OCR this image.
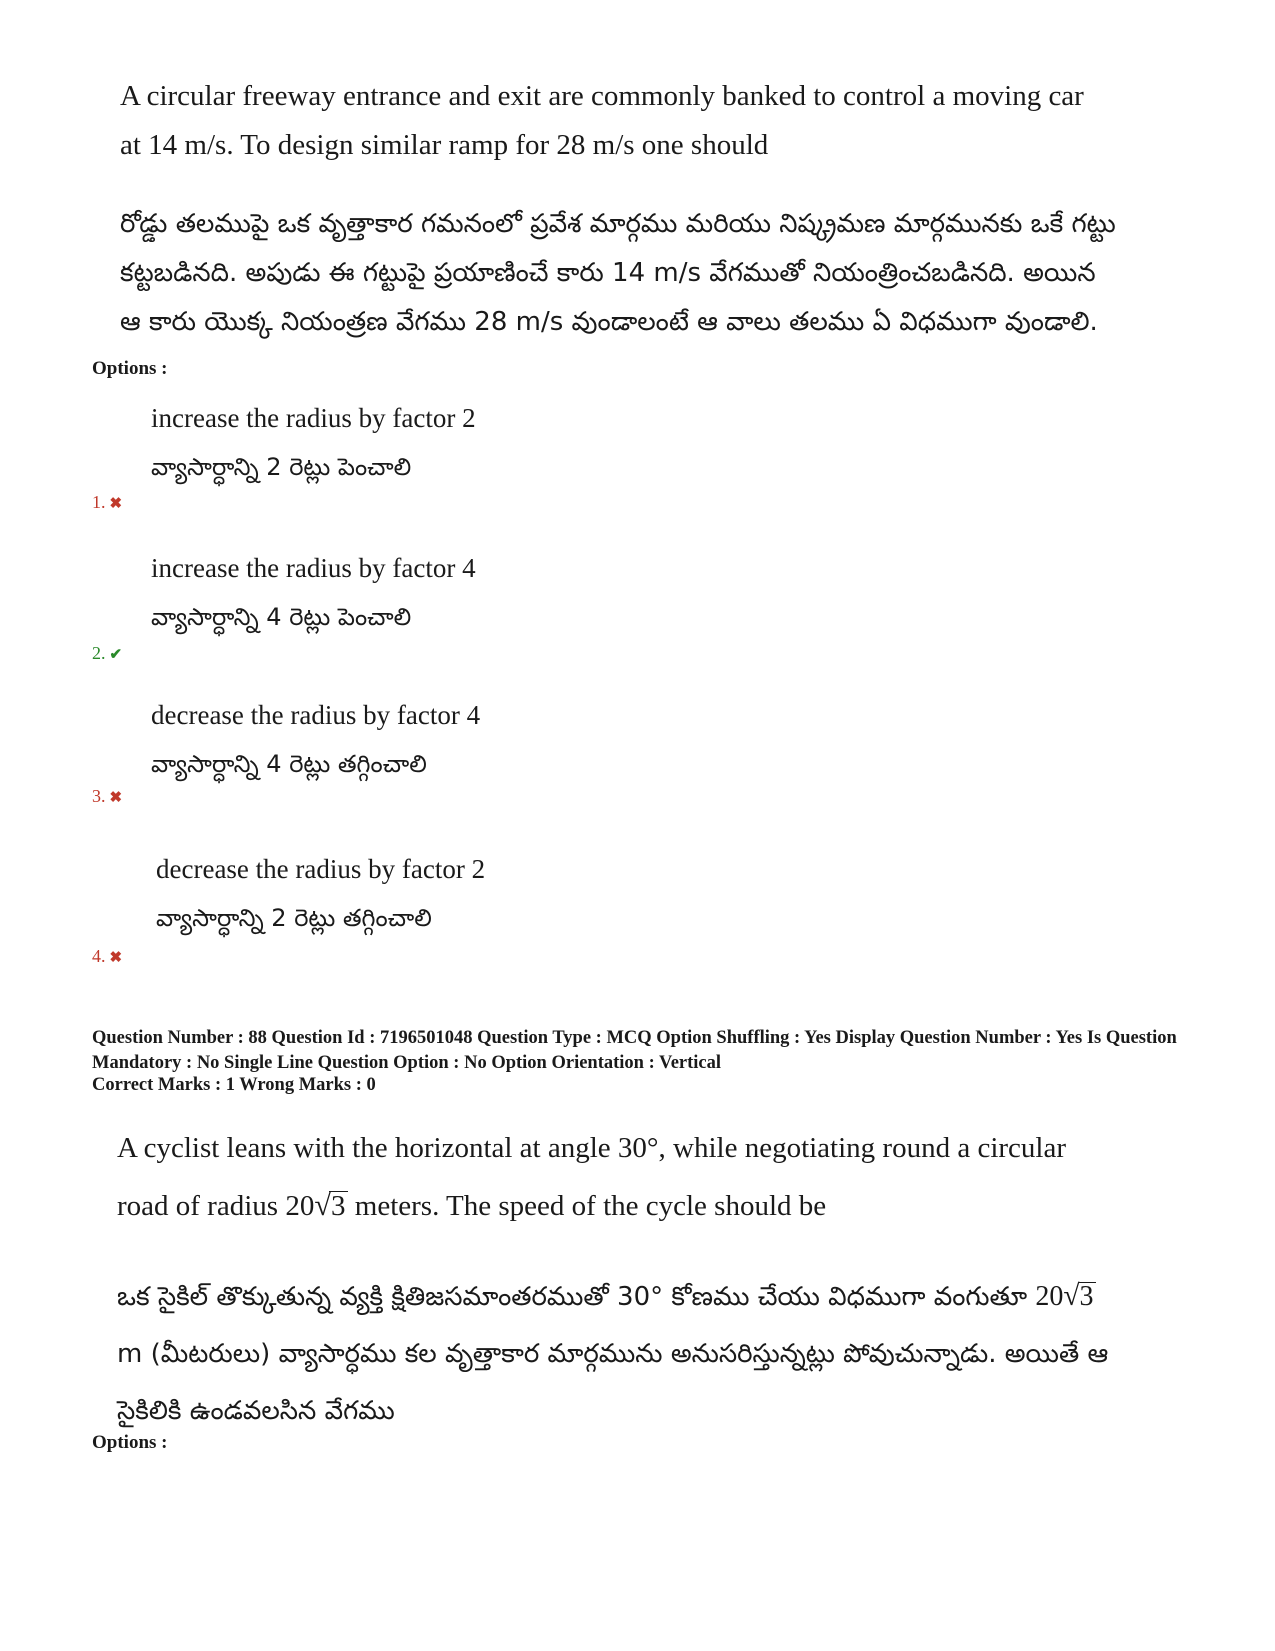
A circular freeway entrance and exit are commonly banked to control a moving car at 14 m/s. To design similar ramp for 28 m/s one should
రోడ్డు తలముపై ఒక వృత్తాకార గమనంలో ప్రవేశ మార్గము మరియు నిష్క్రమణ మార్గమునకు ఒకే గట్టు కట్టబడినది. అపుడు ఈ గట్టుపై ప్రయాణించే కారు 14 m/s వేగముతో నియంత్రించబడినది. అయిన ఆ కారు యొక్క నియంత్రణ వేగము 28 m/s వుండాలంటే ఆ వాలు తలము ఏ విధముగా వుండాలి.
Options :
increase the radius by factor 2
వ్యాసార్ధాన్ని 2 రెట్లు పెంచాలి
1. ✖
increase the radius by factor 4
వ్యాసార్ధాన్ని 4 రెట్లు పెంచాలి
2. ✔
decrease the radius by factor 4
వ్యాసార్ధాన్ని 4 రెట్లు తగ్గించాలి
3. ✖
decrease the radius by factor 2
వ్యాసార్ధాన్ని 2 రెట్లు తగ్గించాలి
4. ✖
Question Number : 88 Question Id : 7196501048 Question Type : MCQ Option Shuffling : Yes Display Question Number : Yes Is Question Mandatory : No Single Line Question Option : No Option Orientation : Vertical
Correct Marks : 1 Wrong Marks : 0
A cyclist leans with the horizontal at angle 30°, while negotiating round a circular road of radius 20√3 meters. The speed of the cycle should be
ఒక సైకిల్ తొక్కుతున్న వ్యక్తి క్షితిజసమాంతరముతో 30° కోణము చేయు విధముగా వంగుతూ 20√3 m (మీటరులు) వ్యాసార్ధము కల వృత్తాకార మార్గమును అనుసరిస్తున్నట్లు పోవుచున్నాడు. అయితే ఆ సైకిలికి ఉండవలసిన వేగము
Options :
